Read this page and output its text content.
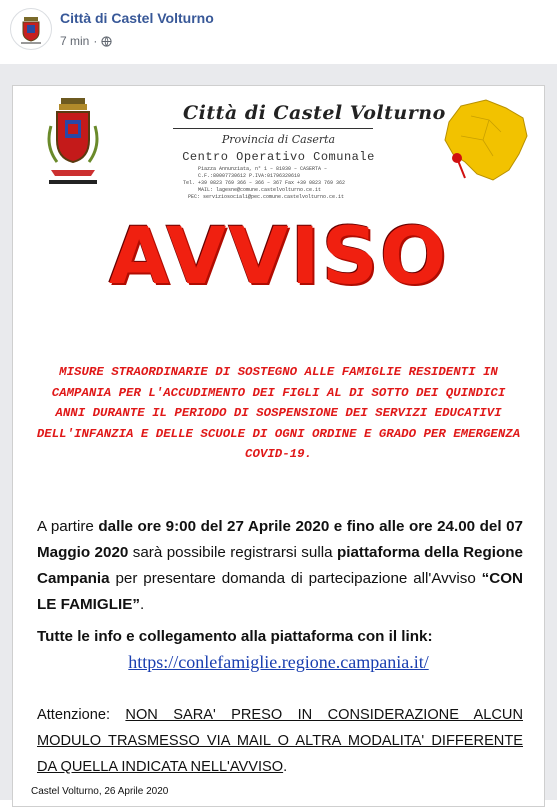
Città di Castel Volturno
7 min ·
Città di Castel Volturno
Provincia di Caserta
Centro Operativo Comunale
Piazza Annunziata, n° 1 – 81030 – CASERTA –
C.F.:80007730612 P.IVA:01796320610
Tel. +39 0823 769 366 – 366 – 367 Fax +39 0823 769 362
MAIL: lagesne@comune.castelvolturno.ce.it
PEC: serviziosociali@pec.comune.castelvolturno.ce.it
AVVISO
MISURE STRAORDINARIE DI SOSTEGNO ALLE FAMIGLIE RESIDENTI IN CAMPANIA PER L'ACCUDIMENTO DEI FIGLI AL DI SOTTO DEI QUINDICI ANNI DURANTE IL PERIODO DI SOSPENSIONE DEI SERVIZI EDUCATIVI DELL'INFANZIA E DELLE SCUOLE DI OGNI ORDINE E GRADO PER EMERGENZA COVID-19.
A partire dalle ore 9:00 del 27 Aprile 2020 e fino alle ore 24.00 del 07 Maggio 2020 sarà possibile registrarsi sulla piattaforma della Regione Campania per presentare domanda di partecipazione all'Avviso “CON LE FAMIGLIE”.
Tutte le info e collegamento alla piattaforma con il link:
https://conlefamiglie.regione.campania.it/
Attenzione: NON SARA' PRESO IN CONSIDERAZIONE ALCUN MODULO TRASMESSO VIA MAIL O ALTRA MODALITA' DIFFERENTE DA QUELLA INDICATA NELL'AVVISO.
Castel Volturno, 26 Aprile 2020
